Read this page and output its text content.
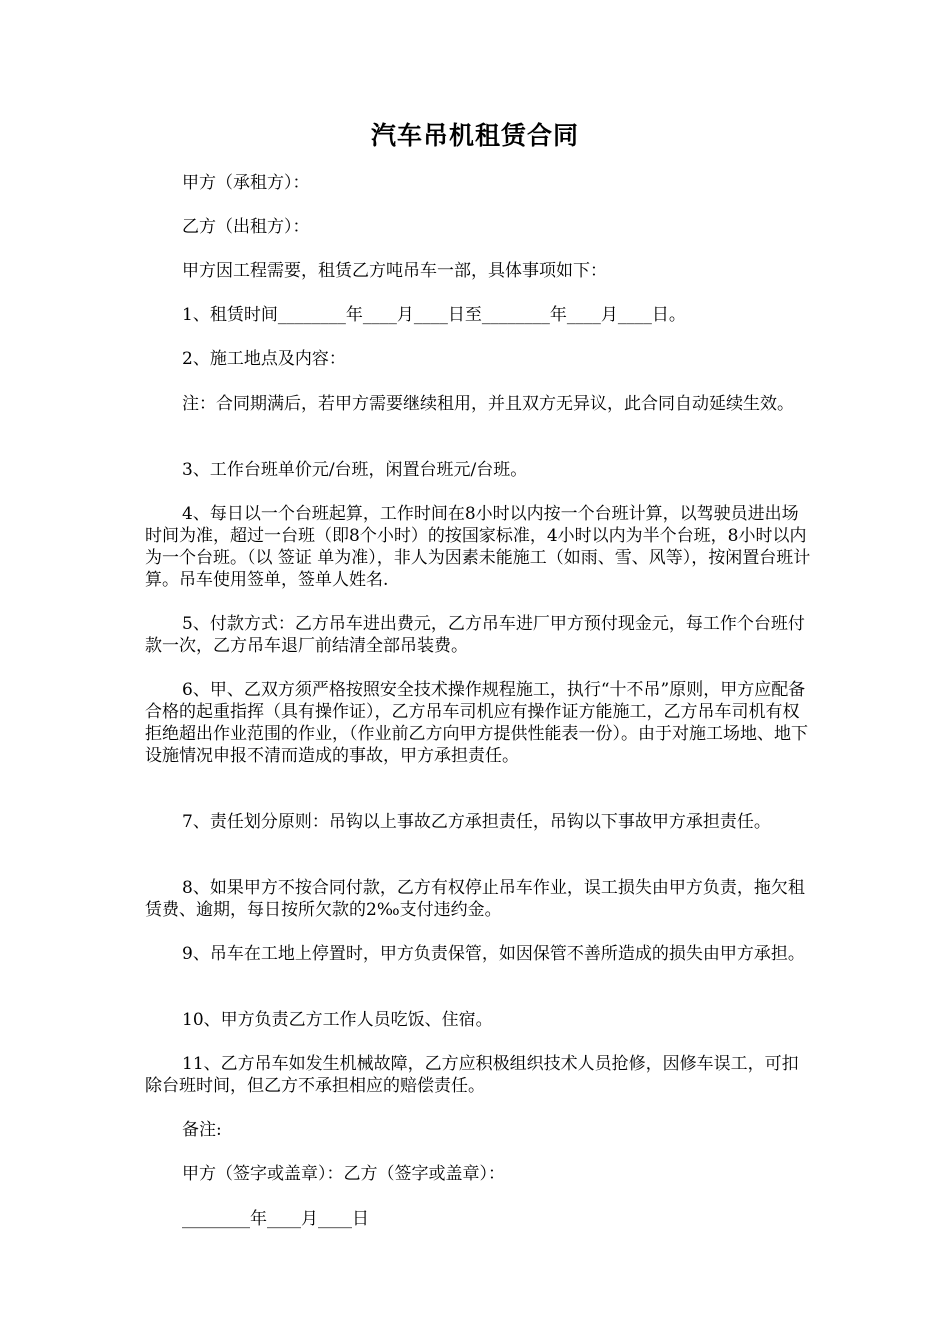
汽车吊机租赁合同

甲方（承租方）：

乙方（出租方）：

甲方因工程需要，租赁乙方吨吊车一部，具体事项如下：

1、租赁时间________年____月____日至________年____月____日。

2、施工地点及内容：

注：合同期满后，若甲方需要继续租用，并且双方无异议，此合同自动延续生效。

3、工作台班单价元/台班，闲置台班元/台班。

4、每日以一个台班起算，工作时间在8小时以内按一个台班计算，以驾驶员进出场时间为准，超过一台班（即8个小时）的按国家标准，4小时以内为半个台班，8小时以内为一个台班。（以 签证 单为准），非人为因素未能施工（如雨、雪、风等），按闲置台班计算。吊车使用签单，签单人姓名.

5、付款方式：乙方吊车进出费元，乙方吊车进厂甲方预付现金元，每工作个台班付款一次，乙方吊车退厂前结清全部吊装费。

6、甲、乙双方须严格按照安全技术操作规程施工，执行“十不吊”原则，甲方应配备合格的起重指挥（具有操作证），乙方吊车司机应有操作证方能施工，乙方吊车司机有权拒绝超出作业范围的作业，（作业前乙方向甲方提供性能表一份）。由于对施工场地、地下设施情况申报不清而造成的事故，甲方承担责任。

7、责任划分原则：吊钩以上事故乙方承担责任，吊钩以下事故甲方承担责任。

8、如果甲方不按合同付款，乙方有权停止吊车作业，误工损失由甲方负责，拖欠租赁费、逾期，每日按所欠款的2‰支付违约金。

9、吊车在工地上停置时，甲方负责保管，如因保管不善所造成的损失由甲方承担。

10、甲方负责乙方工作人员吃饭、住宿。

11、乙方吊车如发生机械故障，乙方应积极组织技术人员抢修，因修车误工，可扣除台班时间，但乙方不承担相应的赔偿责任。

备注:

甲方（签字或盖章）：乙方（签字或盖章）：

________年____月____日
